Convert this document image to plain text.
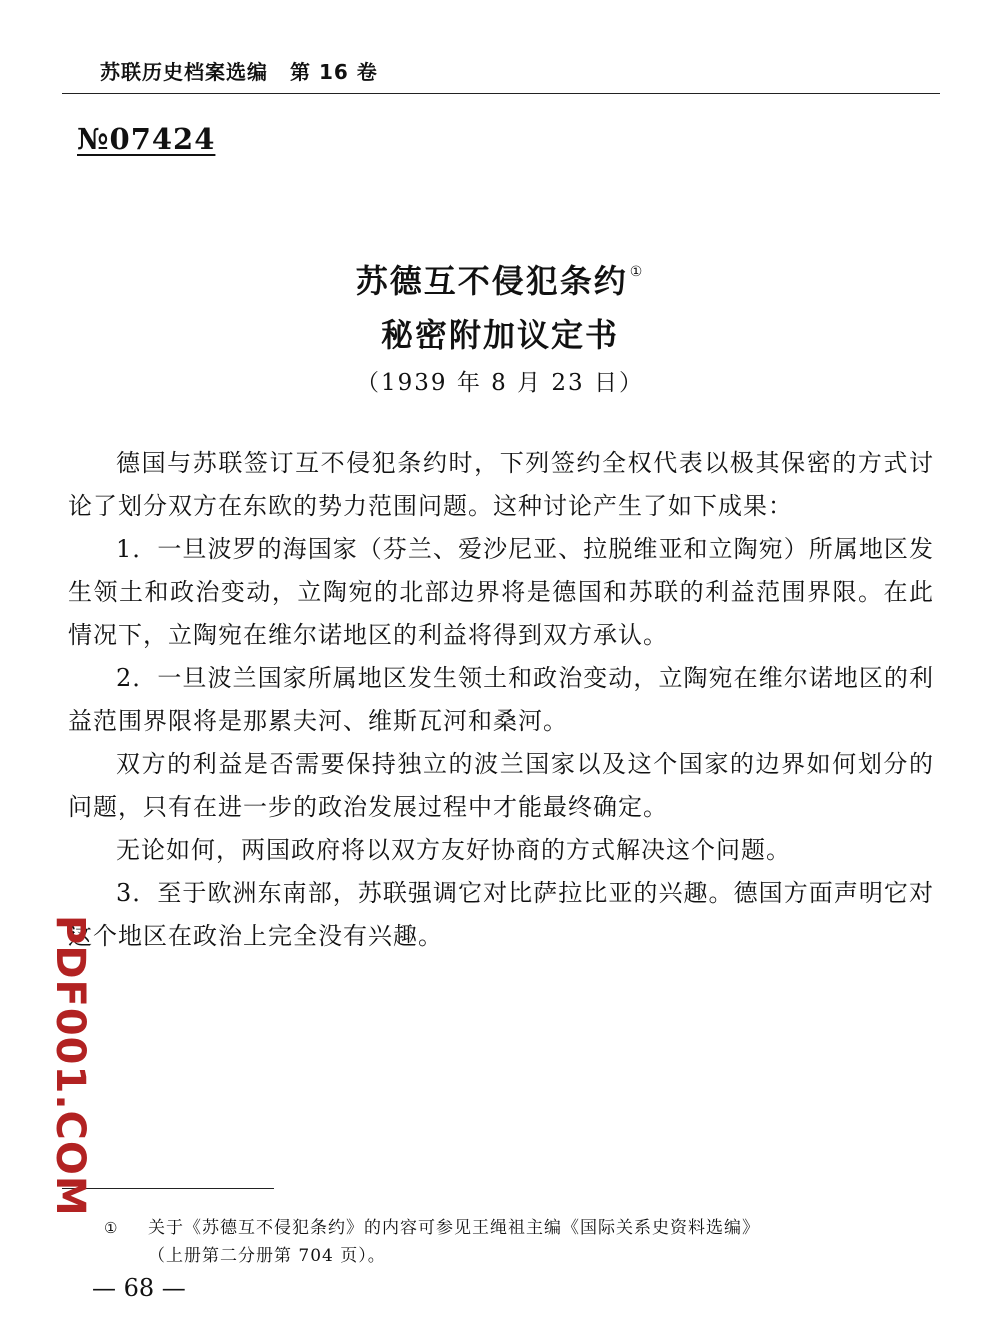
苏联历史档案选编 第 16 卷
№07424
苏德互不侵犯条约 ①
秘密附加议定书
（1939 年 8 月 23 日）

德国与苏联签订互不侵犯条约时，下列签约全权代表以极其保密的方式讨论了划分双方在东欧的势力范围问题。这种讨论产生了如下成果：

1．一旦波罗的海国家（芬兰、爱沙尼亚、拉脱维亚和立陶宛）所属地区发生领土和政治变动，立陶宛的北部边界将是德国和苏联的利益范围界限。在此情况下，立陶宛在维尔诺地区的利益将得到双方承认。

2．一旦波兰国家所属地区发生领土和政治变动，立陶宛在维尔诺地区的利益范围界限将是那累夫河、维斯瓦河和桑河。

双方的利益是否需要保持独立的波兰国家以及这个国家的边界如何划分的问题，只有在进一步的政治发展过程中才能最终确定。

无论如何，两国政府将以双方友好协商的方式解决这个问题。

3．至于欧洲东南部，苏联强调它对比萨拉比亚的兴趣。德国方面声明它对这个地区在政治上完全没有兴趣。

① 关于《苏德互不侵犯条约》的内容可参见王绳祖主编《国际关系史资料选编》
（上册第二分册第 704 页）。
— 68 —
PDF001.COM
